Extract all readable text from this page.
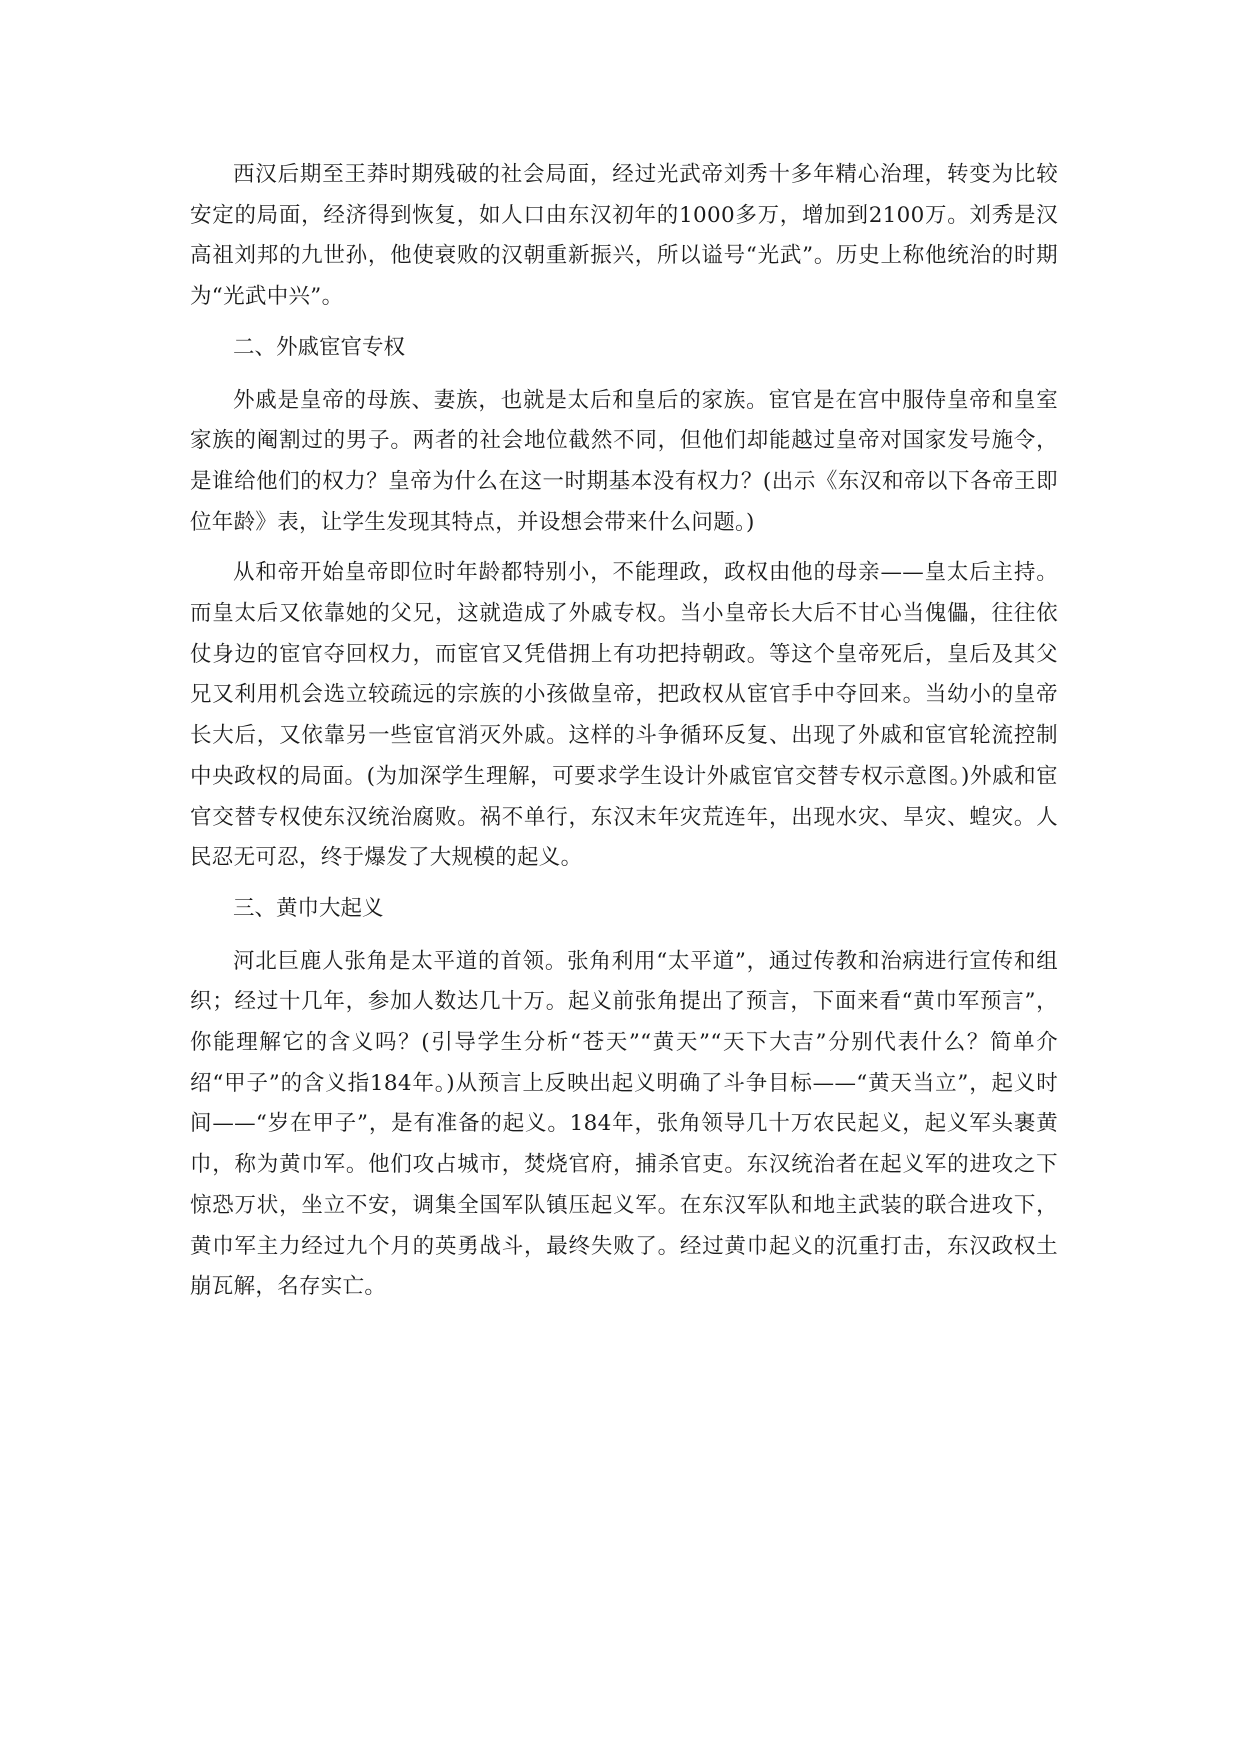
西汉后期至王莽时期残破的社会局面，经过光武帝刘秀十多年精心治理，转变为比较安定的局面，经济得到恢复，如人口由东汉初年的1000多万，增加到2100万。刘秀是汉高祖刘邦的九世孙，他使衰败的汉朝重新振兴，所以谥号“光武”。历史上称他统治的时期为“光武中兴”。

二、外戚宦官专权

外戚是皇帝的母族、妻族，也就是太后和皇后的家族。宦官是在宫中服侍皇帝和皇室家族的阉割过的男子。两者的社会地位截然不同，但他们却能越过皇帝对国家发号施令，是谁给他们的权力？皇帝为什么在这一时期基本没有权力？(出示《东汉和帝以下各帝王即位年龄》表，让学生发现其特点，并设想会带来什么问题。)

从和帝开始皇帝即位时年龄都特别小，不能理政，政权由他的母亲——皇太后主持。而皇太后又依靠她的父兄，这就造成了外戚专权。当小皇帝长大后不甘心当傀儡，往往依仗身边的宦官夺回权力，而宦官又凭借拥上有功把持朝政。等这个皇帝死后，皇后及其父兄又利用机会选立较疏远的宗族的小孩做皇帝，把政权从宦官手中夺回来。当幼小的皇帝长大后，又依靠另一些宦官消灭外戚。这样的斗争循环反复、出现了外戚和宦官轮流控制中央政权的局面。(为加深学生理解，可要求学生设计外戚宦官交替专权示意图。)外戚和宦官交替专权使东汉统治腐败。祸不单行，东汉末年灾荒连年，出现水灾、旱灾、蝗灾。人民忍无可忍，终于爆发了大规模的起义。

三、黄巾大起义

河北巨鹿人张角是太平道的首领。张角利用“太平道”，通过传教和治病进行宣传和组织；经过十几年，参加人数达几十万。起义前张角提出了预言，下面来看“黄巾军预言”，你能理解它的含义吗？(引导学生分析“苍天”“黄天”“天下大吉”分别代表什么？简单介绍“甲子”的含义指184年。)从预言上反映出起义明确了斗争目标——“黄天当立”，起义时间——“岁在甲子”，是有准备的起义。184年，张角领导几十万农民起义，起义军头裹黄巾，称为黄巾军。他们攻占城市，焚烧官府，捕杀官吏。东汉统治者在起义军的进攻之下惊恐万状，坐立不安，调集全国军队镇压起义军。在东汉军队和地主武装的联合进攻下，黄巾军主力经过九个月的英勇战斗，最终失败了。经过黄巾起义的沉重打击，东汉政权土崩瓦解，名存实亡。
